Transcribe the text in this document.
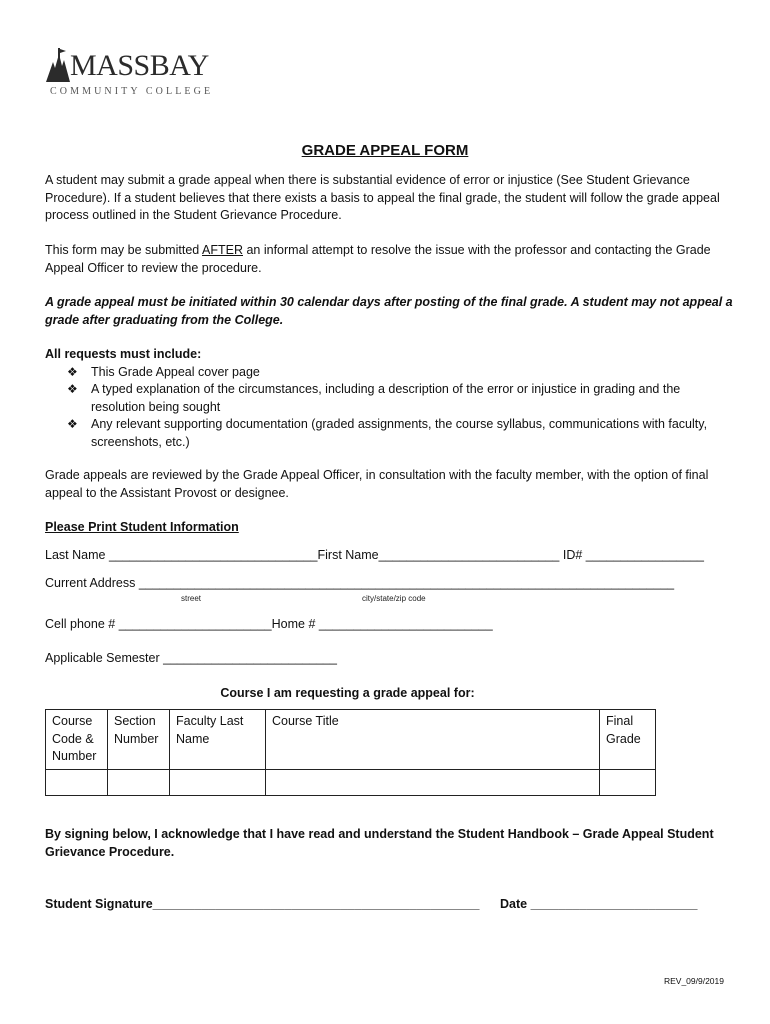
MASSBAY
COMMUNITY COLLEGE
GRADE APPEAL FORM
A student may submit a grade appeal when there is substantial evidence of error or injustice (See Student Grievance Procedure). If a student believes that there exists a basis to appeal the final grade, the student will follow the grade appeal process outlined in the Student Grievance Procedure.
This form may be submitted AFTER an informal attempt to resolve the issue with the professor and contacting the Grade Appeal Officer to review the procedure.
A grade appeal must be initiated within 30 calendar days after posting of the final grade. A student may not appeal a grade after graduating from the College.
All requests must include:
❖ This Grade Appeal cover page
❖ A typed explanation of the circumstances, including a description of the error or injustice in grading and the resolution being sought
❖ Any relevant supporting documentation (graded assignments, the course syllabus, communications with faculty, screenshots, etc.)
Grade appeals are reviewed by the Grade Appeal Officer, in consultation with the faculty member, with the option of final appeal to the Assistant Provost or designee.
Please Print Student Information
Last Name ______________________________First Name__________________________ ID# _________________
Current Address _____________________________________________________________________________
street	city/state/zip code
Cell phone # ______________________Home # _________________________
Applicable Semester _________________________
Course I am requesting a grade appeal for:
Course Code & Number	Section Number	Faculty Last Name	Course Title	Final Grade

By signing below, I acknowledge that I have read and understand the Student Handbook – Grade Appeal Student Grievance Procedure.
Student Signature_______________________________________________ Date ________________________
REV_09/9/2019
